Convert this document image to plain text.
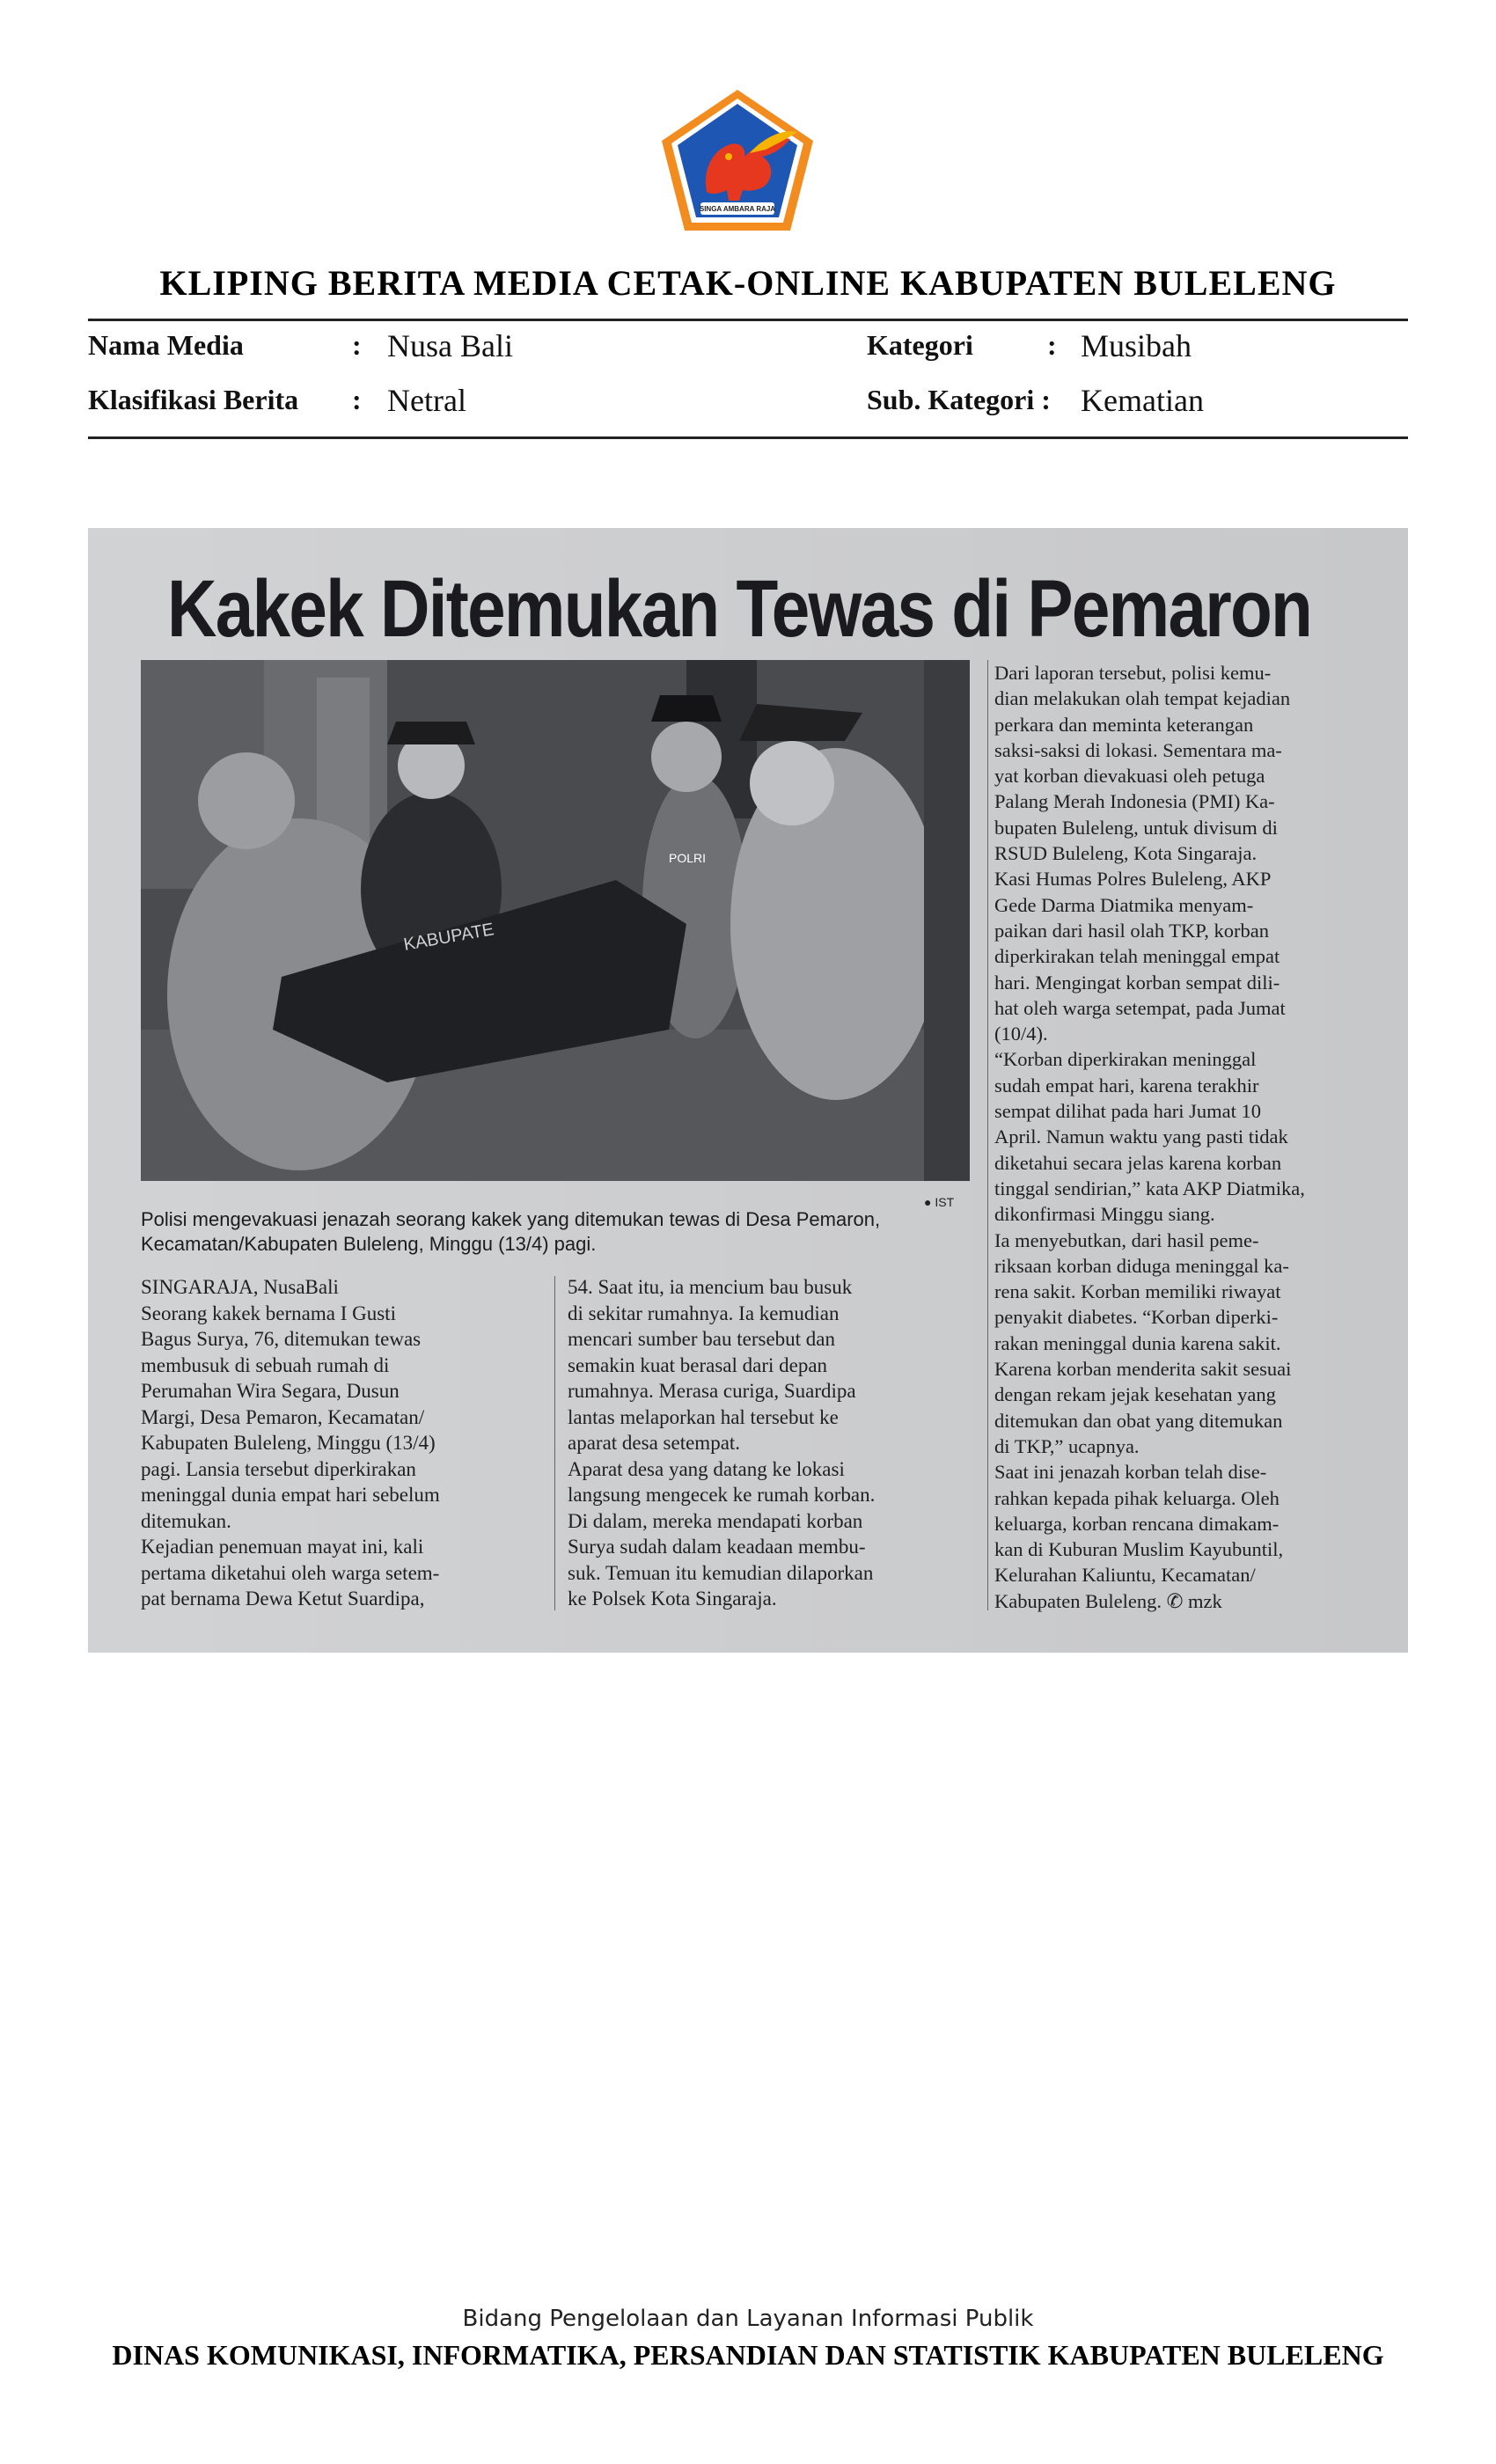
SINGA AMBARA RAJA
KLIPING BERITA MEDIA CETAK-ONLINE KABUPATEN BULELENG
Nama Media	: Nusa Bali	Kategori	: Musibah
Klasifikasi Berita : Netral	Sub. Kategori : Kematian
Kakek Ditemukan Tewas di Pemaron
POLRI
KABUPATE
● IST
Polisi mengevakuasi jenazah seorang kakek yang ditemukan tewas di Desa Pemaron,
Kecamatan/Kabupaten Buleleng, Minggu (13/4) pagi.
SINGARAJA, NusaBali
Seorang kakek bernama I Gusti
Bagus Surya, 76, ditemukan tewas
membusuk di sebuah rumah di
Perumahan Wira Segara, Dusun
Margi, Desa Pemaron, Kecamatan/
Kabupaten Buleleng, Minggu (13/4)
pagi. Lansia tersebut diperkirakan
meninggal dunia empat hari sebelum
ditemukan.
Kejadian penemuan mayat ini, kali
pertama diketahui oleh warga setem-
pat bernama Dewa Ketut Suardipa,
54. Saat itu, ia mencium bau busuk
di sekitar rumahnya. Ia kemudian
mencari sumber bau tersebut dan
semakin kuat berasal dari depan
rumahnya. Merasa curiga, Suardipa
lantas melaporkan hal tersebut ke
aparat desa setempat.
Aparat desa yang datang ke lokasi
langsung mengecek ke rumah korban.
Di dalam, mereka mendapati korban
Surya sudah dalam keadaan membu-
suk. Temuan itu kemudian dilaporkan
ke Polsek Kota Singaraja.
Dari laporan tersebut, polisi kemu-
dian melakukan olah tempat kejadian
perkara dan meminta keterangan
saksi-saksi di lokasi. Sementara ma-
yat korban dievakuasi oleh petuga
Palang Merah Indonesia (PMI) Ka-
bupaten Buleleng, untuk divisum di
RSUD Buleleng, Kota Singaraja.
Kasi Humas Polres Buleleng, AKP
Gede Darma Diatmika menyam-
paikan dari hasil olah TKP, korban
diperkirakan telah meninggal empat
hari. Mengingat korban sempat dili-
hat oleh warga setempat, pada Jumat
(10/4).
“Korban diperkirakan meninggal
sudah empat hari, karena terakhir
sempat dilihat pada hari Jumat 10
April. Namun waktu yang pasti tidak
diketahui secara jelas karena korban
tinggal sendirian,” kata AKP Diatmika,
dikonfirmasi Minggu siang.
Ia menyebutkan, dari hasil peme-
riksaan korban diduga meninggal ka-
rena sakit. Korban memiliki riwayat
penyakit diabetes. “Korban diperki-
rakan meninggal dunia karena sakit.
Karena korban menderita sakit sesuai
dengan rekam jejak kesehatan yang
ditemukan dan obat yang ditemukan
di TKP,” ucapnya.
Saat ini jenazah korban telah dise-
rahkan kepada pihak keluarga. Oleh
keluarga, korban rencana dimakam-
kan di Kuburan Muslim Kayubuntil,
Kelurahan Kaliuntu, Kecamatan/
Kabupaten Buleleng. ✆ mzk
Bidang Pengelolaan dan Layanan Informasi Publik
DINAS KOMUNIKASI, INFORMATIKA, PERSANDIAN DAN STATISTIK KABUPATEN BULELENG
